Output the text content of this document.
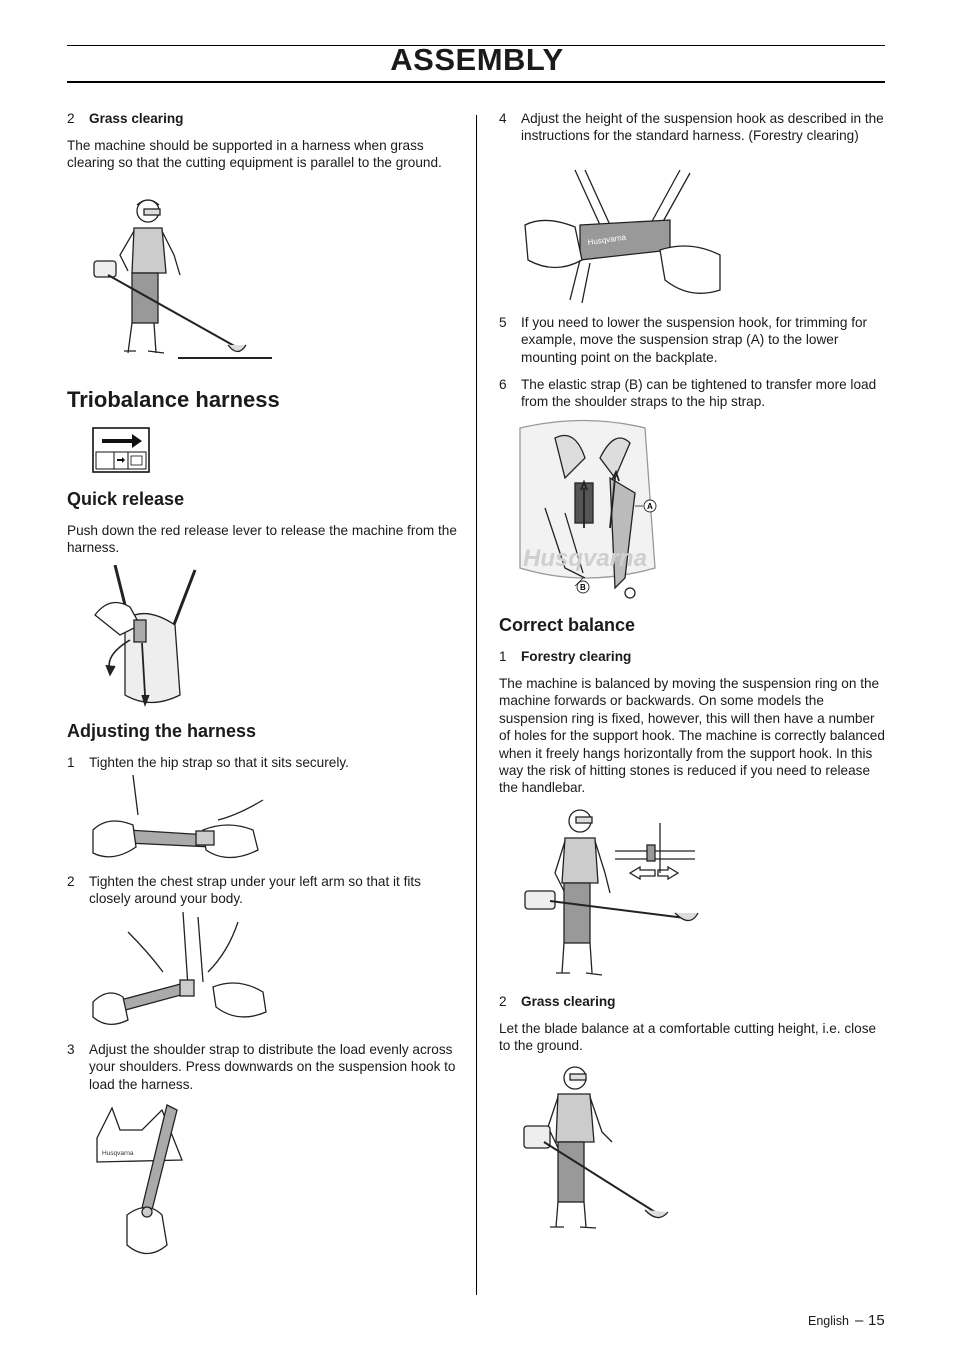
ASSEMBLY
2 Grass clearing
The machine should be supported in a harness when grass clearing so that the cutting equipment is parallel to the ground.
Triobalance harness
Quick release
Push down the red release lever to release the machine from the harness.
Adjusting the harness
1 Tighten the hip strap so that it sits securely.
2 Tighten the chest strap under your left arm so that it fits closely around your body.
3 Adjust the shoulder strap to distribute the load evenly across your shoulders. Press downwards on the suspension hook to load the harness.
Husqvarna
4 Adjust the height of the suspension hook as described in the instructions for the standard harness. (Forestry clearing)
Husqvarna
5 If you need to lower the suspension hook, for trimming for example, move the suspension strap (A) to the lower mounting point on the backplate.
6 The elastic strap (B) can be tightened to transfer more load from the shoulder straps to the hip strap.
Husqvarna
A
B
Correct balance
1 Forestry clearing
The machine is balanced by moving the suspension ring on the machine forwards or backwards. On some models the suspension ring is fixed, however, this will then have a number of holes for the support hook. The machine is correctly balanced when it freely hangs horizontally from the support hook. In this way the risk of hitting stones is reduced if you need to release the handlebar.
2 Grass clearing
Let the blade balance at a comfortable cutting height, i.e. close to the ground.
English – 15
